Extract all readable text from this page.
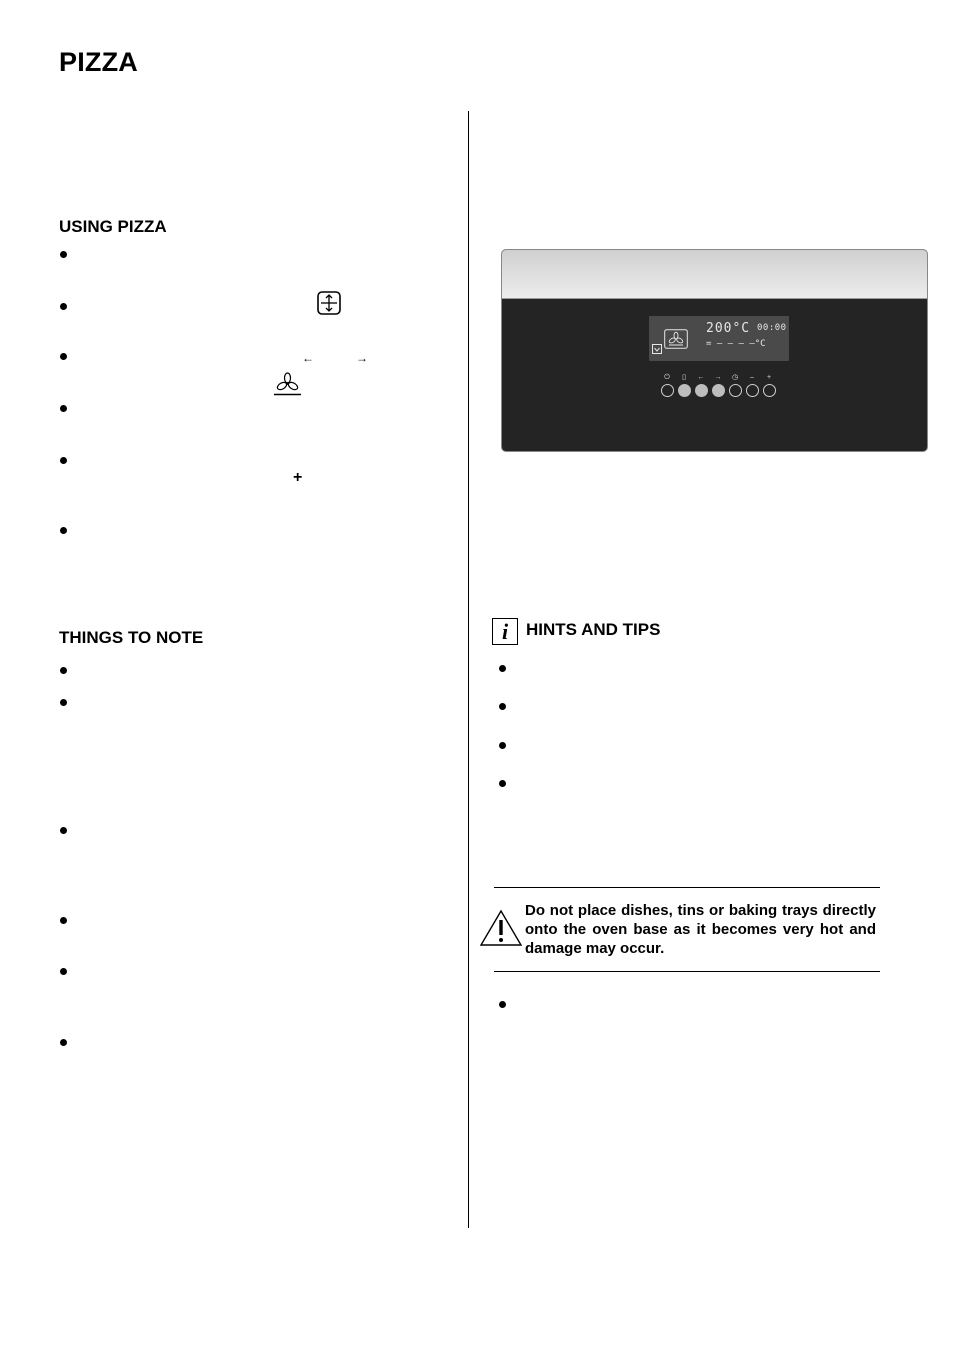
PIZZA
USING PIZZA
←	→
+
THINGS TO NOTE
200°C 00:00
= – – – –°C
⏻	▯	←	→	◷	–	+
i	HINTS AND TIPS
Do not place dishes, tins or baking trays directly onto the oven base as it becomes very hot and damage may occur.
